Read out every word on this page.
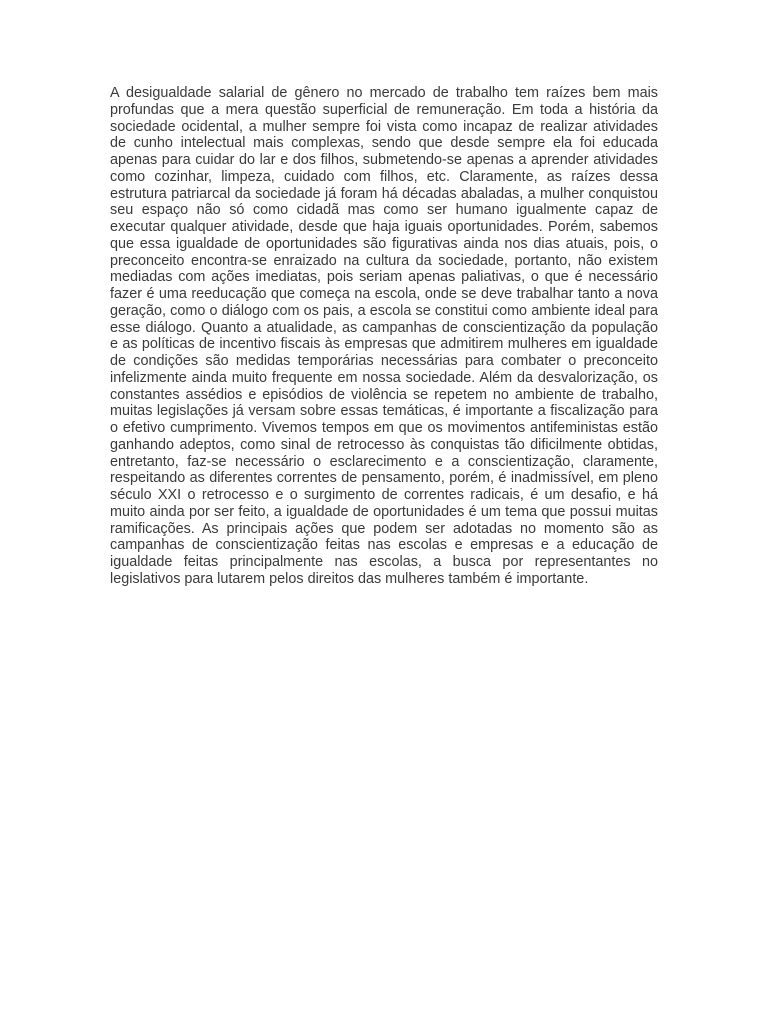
A desigualdade salarial de gênero no mercado de trabalho tem raízes bem mais profundas que a mera questão superficial de remuneração. Em toda a história da sociedade ocidental, a mulher sempre foi vista como incapaz de realizar atividades de cunho intelectual mais complexas, sendo que desde sempre ela foi educada apenas para cuidar do lar e dos filhos, submetendo-se apenas a aprender atividades como cozinhar, limpeza, cuidado com filhos, etc. Claramente, as raízes dessa estrutura patriarcal da sociedade já foram há décadas abaladas, a mulher conquistou seu espaço não só como cidadã mas como ser humano igualmente capaz de executar qualquer atividade, desde que haja iguais oportunidades. Porém, sabemos que essa igualdade de oportunidades são figurativas ainda nos dias atuais, pois, o preconceito encontra-se enraizado na cultura da sociedade, portanto, não existem mediadas com ações imediatas, pois seriam apenas paliativas, o que é necessário fazer é uma reeducação que começa na escola, onde se deve trabalhar tanto a nova geração, como o diálogo com os pais, a escola se constitui como ambiente ideal para esse diálogo. Quanto a atualidade, as campanhas de conscientização da população e as políticas de incentivo fiscais às empresas que admitirem mulheres em igualdade de condições são medidas temporárias necessárias para combater o preconceito infelizmente ainda muito frequente em nossa sociedade. Além da desvalorização, os constantes assédios e episódios de violência se repetem no ambiente de trabalho, muitas legislações já versam sobre essas temáticas, é importante a fiscalização para o efetivo cumprimento. Vivemos tempos em que os movimentos antifeministas estão ganhando adeptos, como sinal de retrocesso às conquistas tão dificilmente obtidas, entretanto, faz-se necessário o esclarecimento e a conscientização, claramente, respeitando as diferentes correntes de pensamento, porém, é inadmissível, em pleno século XXI o retrocesso e o surgimento de correntes radicais, é um desafio, e há muito ainda por ser feito, a igualdade de oportunidades é um tema que possui muitas ramificações. As principais ações que podem ser adotadas no momento são as campanhas de conscientização feitas nas escolas e empresas e a educação de igualdade feitas principalmente nas escolas, a busca por representantes no legislativos para lutarem pelos direitos das mulheres também é importante.
